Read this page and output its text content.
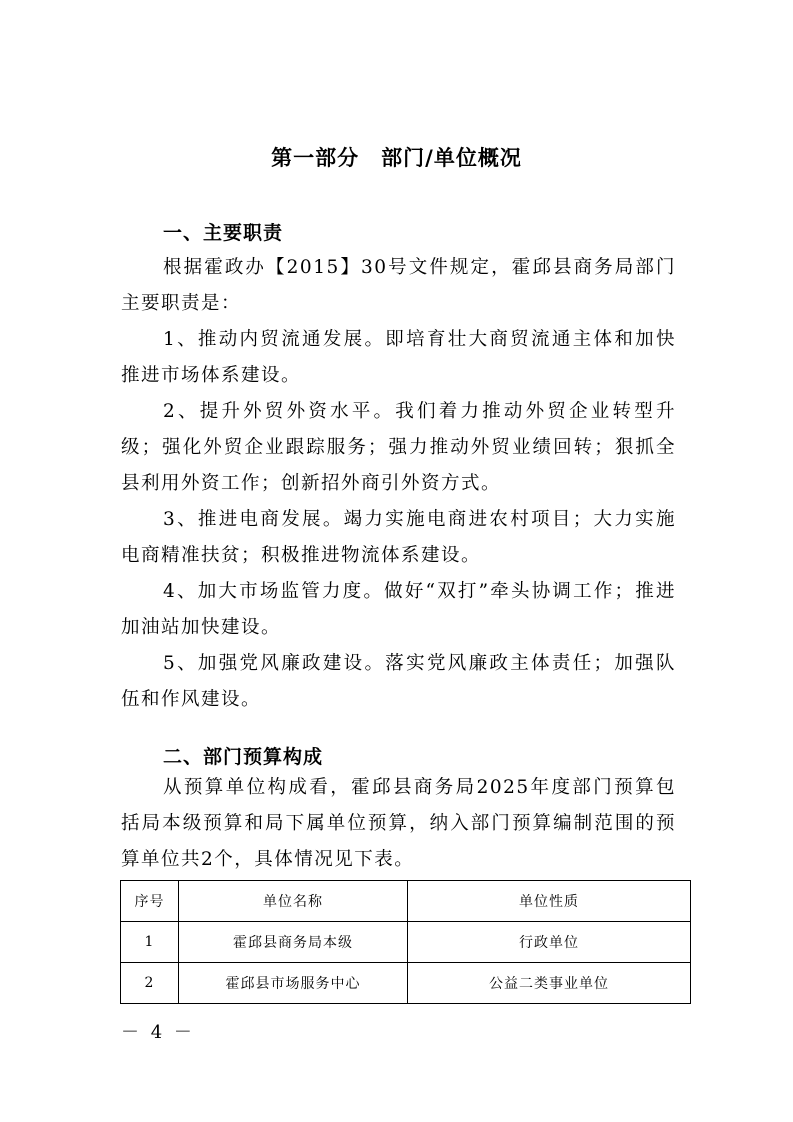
第一部分　部门/单位概况
一、主要职责

根据霍政办【2015】30号文件规定，霍邱县商务局部门主要职责是：

1、推动内贸流通发展。即培育壮大商贸流通主体和加快推进市场体系建设。

2、提升外贸外资水平。我们着力推动外贸企业转型升级；强化外贸企业跟踪服务；强力推动外贸业绩回转；狠抓全县利用外资工作；创新招外商引外资方式。

3、推进电商发展。竭力实施电商进农村项目；大力实施电商精准扶贫；积极推进物流体系建设。

4、加大市场监管力度。做好“双打”牵头协调工作；推进加油站加快建设。

5、加强党风廉政建设。落实党风廉政主体责任；加强队伍和作风建设。

二、部门预算构成

从预算单位构成看，霍邱县商务局2025年度部门预算包括局本级预算和局下属单位预算，纳入部门预算编制范围的预算单位共2个，具体情况见下表。

序号	单位名称	单位性质
1	霍邱县商务局本级	行政单位
2	霍邱县市场服务中心	公益二类事业单位
－ 4 －
